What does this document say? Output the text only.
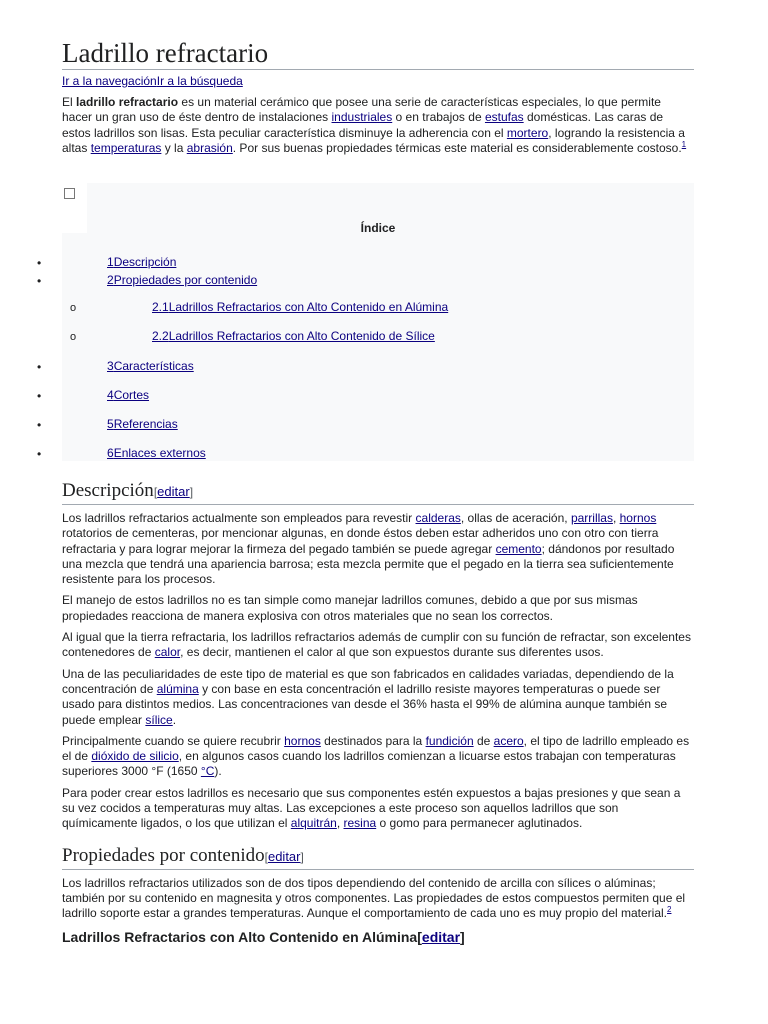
Ladrillo refractario
Ir a la navegaciónIr a la búsqueda

El ladrillo refractario es un material cerámico que posee una serie de características especiales, lo que permite hacer un gran uso de éste dentro de instalaciones industriales o en trabajos de estufas domésticas. Las caras de estos ladrillos son lisas. Esta peculiar característica disminuye la adherencia con el mortero, logrando la resistencia a altas temperaturas y la abrasión. Por sus buenas propiedades térmicas este material es considerablemente costoso.$^1$

Índice
•	1Descripción
•	2Propiedades por contenido
o	2.1Ladrillos Refractarios con Alto Contenido en Alúmina
o	2.2Ladrillos Refractarios con Alto Contenido de Sílice
•	3Características
•	4Cortes
•	5Referencias
•	6Enlaces externos
Descripción[editar]

Los ladrillos refractarios actualmente son empleados para revestir calderas, ollas de aceración, parrillas, hornos rotatorios de cementeras, por mencionar algunas, en donde éstos deben estar adheridos uno con otro con tierra refractaria y para lograr mejorar la firmeza del pegado también se puede agregar cemento; dándonos por resultado una mezcla que tendrá una apariencia barrosa; esta mezcla permite que el pegado en la tierra sea suficientemente resistente para los procesos.

El manejo de estos ladrillos no es tan simple como manejar ladrillos comunes, debido a que por sus mismas propiedades reacciona de manera explosiva con otros materiales que no sean los correctos.

Al igual que la tierra refractaria, los ladrillos refractarios además de cumplir con su función de refractar, son excelentes contenedores de calor, es decir, mantienen el calor al que son expuestos durante sus diferentes usos.

Una de las peculiaridades de este tipo de material es que son fabricados en calidades variadas, dependiendo de la concentración de alúmina y con base en esta concentración el ladrillo resiste mayores temperaturas o puede ser usado para distintos medios. Las concentraciones van desde el 36% hasta el 99% de alúmina aunque también se puede emplear sílice.

Principalmente cuando se quiere recubrir hornos destinados para la fundición de acero, el tipo de ladrillo empleado es el de dióxido de silicio, en algunos casos cuando los ladrillos comienzan a licuarse estos trabajan con temperaturas superiores 3000 °F (1650 °C).

Para poder crear estos ladrillos es necesario que sus componentes estén expuestos a bajas presiones y que sean a su vez cocidos a temperaturas muy altas. Las excepciones a este proceso son aquellos ladrillos que son químicamente ligados, o los que utilizan el alquitrán, resina o gomo para permanecer aglutinados.

Propiedades por contenido[editar]

Los ladrillos refractarios utilizados son de dos tipos dependiendo del contenido de arcilla con sílices o alúminas; también por su contenido en magnesita y otros componentes. Las propiedades de estos compuestos permiten que el ladrillo soporte estar a grandes temperaturas. Aunque el comportamiento de cada uno es muy propio del material.$^2$

Ladrillos Refractarios con Alto Contenido en Alúmina[editar]
